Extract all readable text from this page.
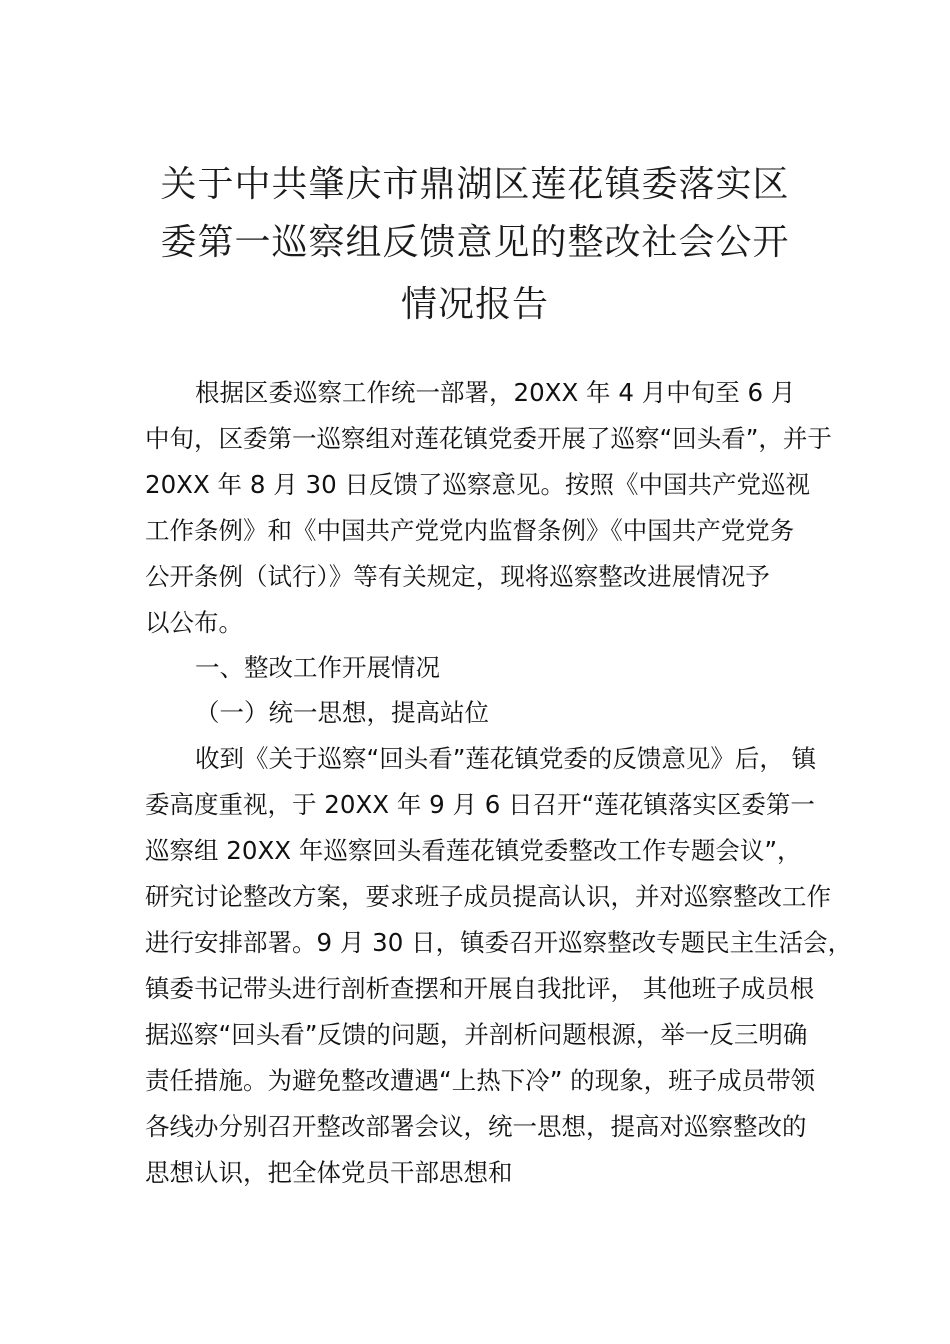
关于中共肇庆市鼎湖区莲花镇委落实区
委第一巡察组反馈意见的整改社会公开
情况报告
根据区委巡察工作统一部署，20XX 年 4 月中旬至 6 月
中旬，区委第一巡察组对莲花镇党委开展了巡察“回头看”，并于
20XX 年 8 月 30 日反馈了巡察意见。按照《中国共产党巡视
工作条例》和《中国共产党党内监督条例》《中国共产党党务
公开条例（试行）》等有关规定，现将巡察整改进展情况予
以公布。
一、整改工作开展情况
（一）统一思想，提高站位
收到《关于巡察“回头看”莲花镇党委的反馈意见》后， 镇
委高度重视，于 20XX 年 9 月 6 日召开“莲花镇落实区委第一
巡察组 20XX 年巡察回头看莲花镇党委整改工作专题会议”，
研究讨论整改方案，要求班子成员提高认识，并对巡察整改工作
进行安排部署。9 月 30 日，镇委召开巡察整改专题民主生活会，
镇委书记带头进行剖析查摆和开展自我批评， 其他班子成员根
据巡察“回头看”反馈的问题，并剖析问题根源，举一反三明确
责任措施。为避免整改遭遇“上热下冷” 的现象，班子成员带领
各线办分别召开整改部署会议，统一思想，提高对巡察整改的
思想认识，把全体党员干部思想和
